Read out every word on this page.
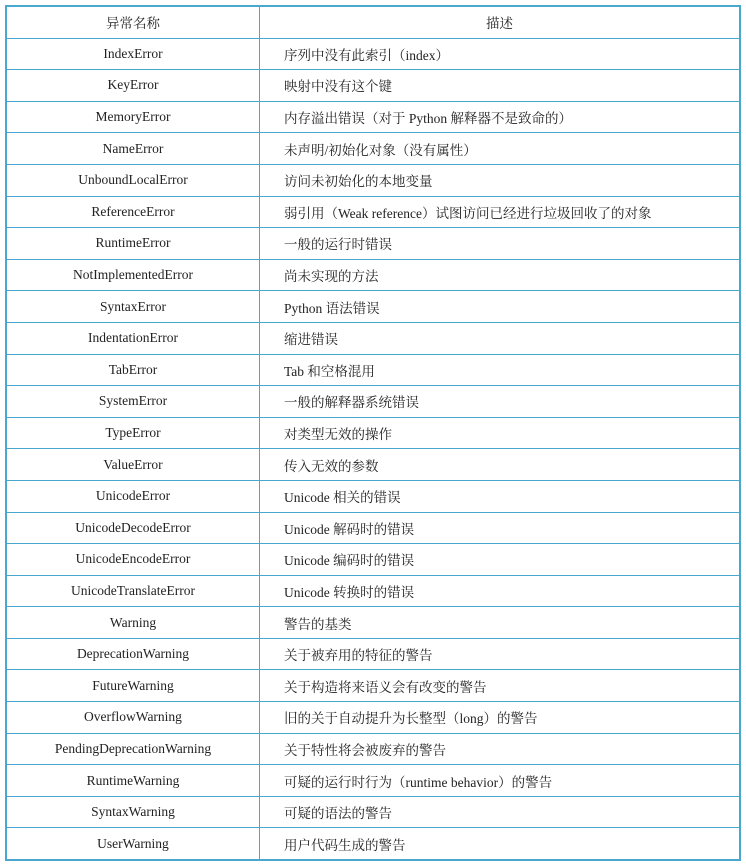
异常名称	描述
IndexError	序列中没有此索引（index）
KeyError	映射中没有这个键
MemoryError	内存溢出错误（对于 Python 解释器不是致命的）
NameError	未声明/初始化对象（没有属性）
UnboundLocalError	访问未初始化的本地变量
ReferenceError	弱引用（Weak reference）试图访问已经进行垃圾回收了的对象
RuntimeError	一般的运行时错误
NotImplementedError	尚未实现的方法
SyntaxError	Python 语法错误
IndentationError	缩进错误
TabError	Tab 和空格混用
SystemError	一般的解释器系统错误
TypeError	对类型无效的操作
ValueError	传入无效的参数
UnicodeError	Unicode 相关的错误
UnicodeDecodeError	Unicode 解码时的错误
UnicodeEncodeError	Unicode 编码时的错误
UnicodeTranslateError	Unicode 转换时的错误
Warning	警告的基类
DeprecationWarning	关于被弃用的特征的警告
FutureWarning	关于构造将来语义会有改变的警告
OverflowWarning	旧的关于自动提升为长整型（long）的警告
PendingDeprecationWarning	关于特性将会被废弃的警告
RuntimeWarning	可疑的运行时行为（runtime behavior）的警告
SyntaxWarning	可疑的语法的警告
UserWarning	用户代码生成的警告
